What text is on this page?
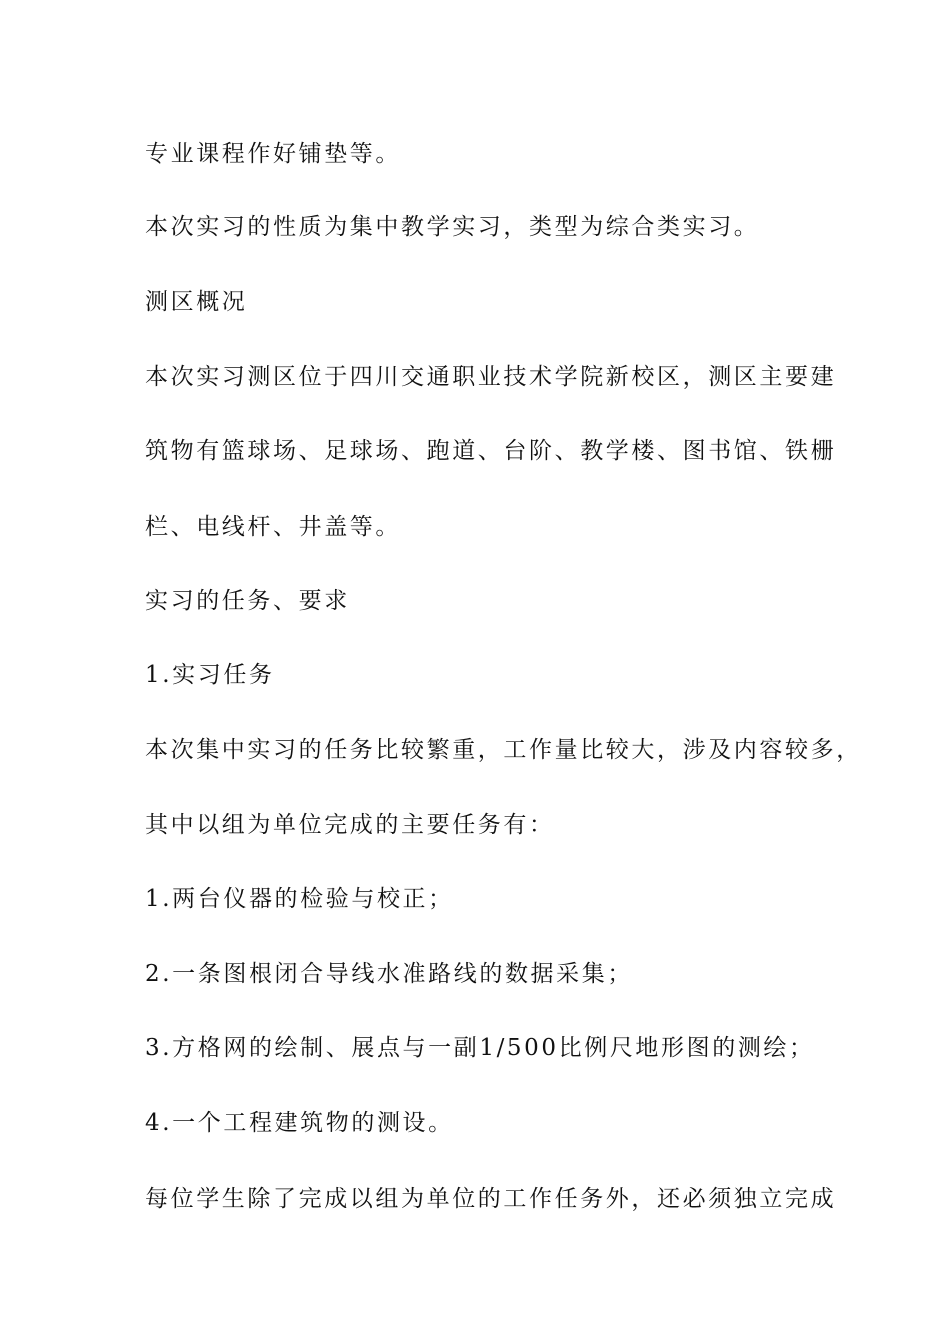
专业课程作好铺垫等。
本次实习的性质为集中教学实习，类型为综合类实习。
测区概况
本次实习测区位于四川交通职业技术学院新校区，测区主要建
筑物有篮球场、足球场、跑道、台阶、教学楼、图书馆、铁栅
栏、电线杆、井盖等。
实习的任务、要求
1.实习任务
本次集中实习的任务比较繁重，工作量比较大，涉及内容较多，
其中以组为单位完成的主要任务有：
1.两台仪器的检验与校正；
2.一条图根闭合导线水准路线的数据采集；
3.方格网的绘制、展点与一副1/500比例尺地形图的测绘；
4.一个工程建筑物的测设。
每位学生除了完成以组为单位的工作任务外，还必须独立完成
